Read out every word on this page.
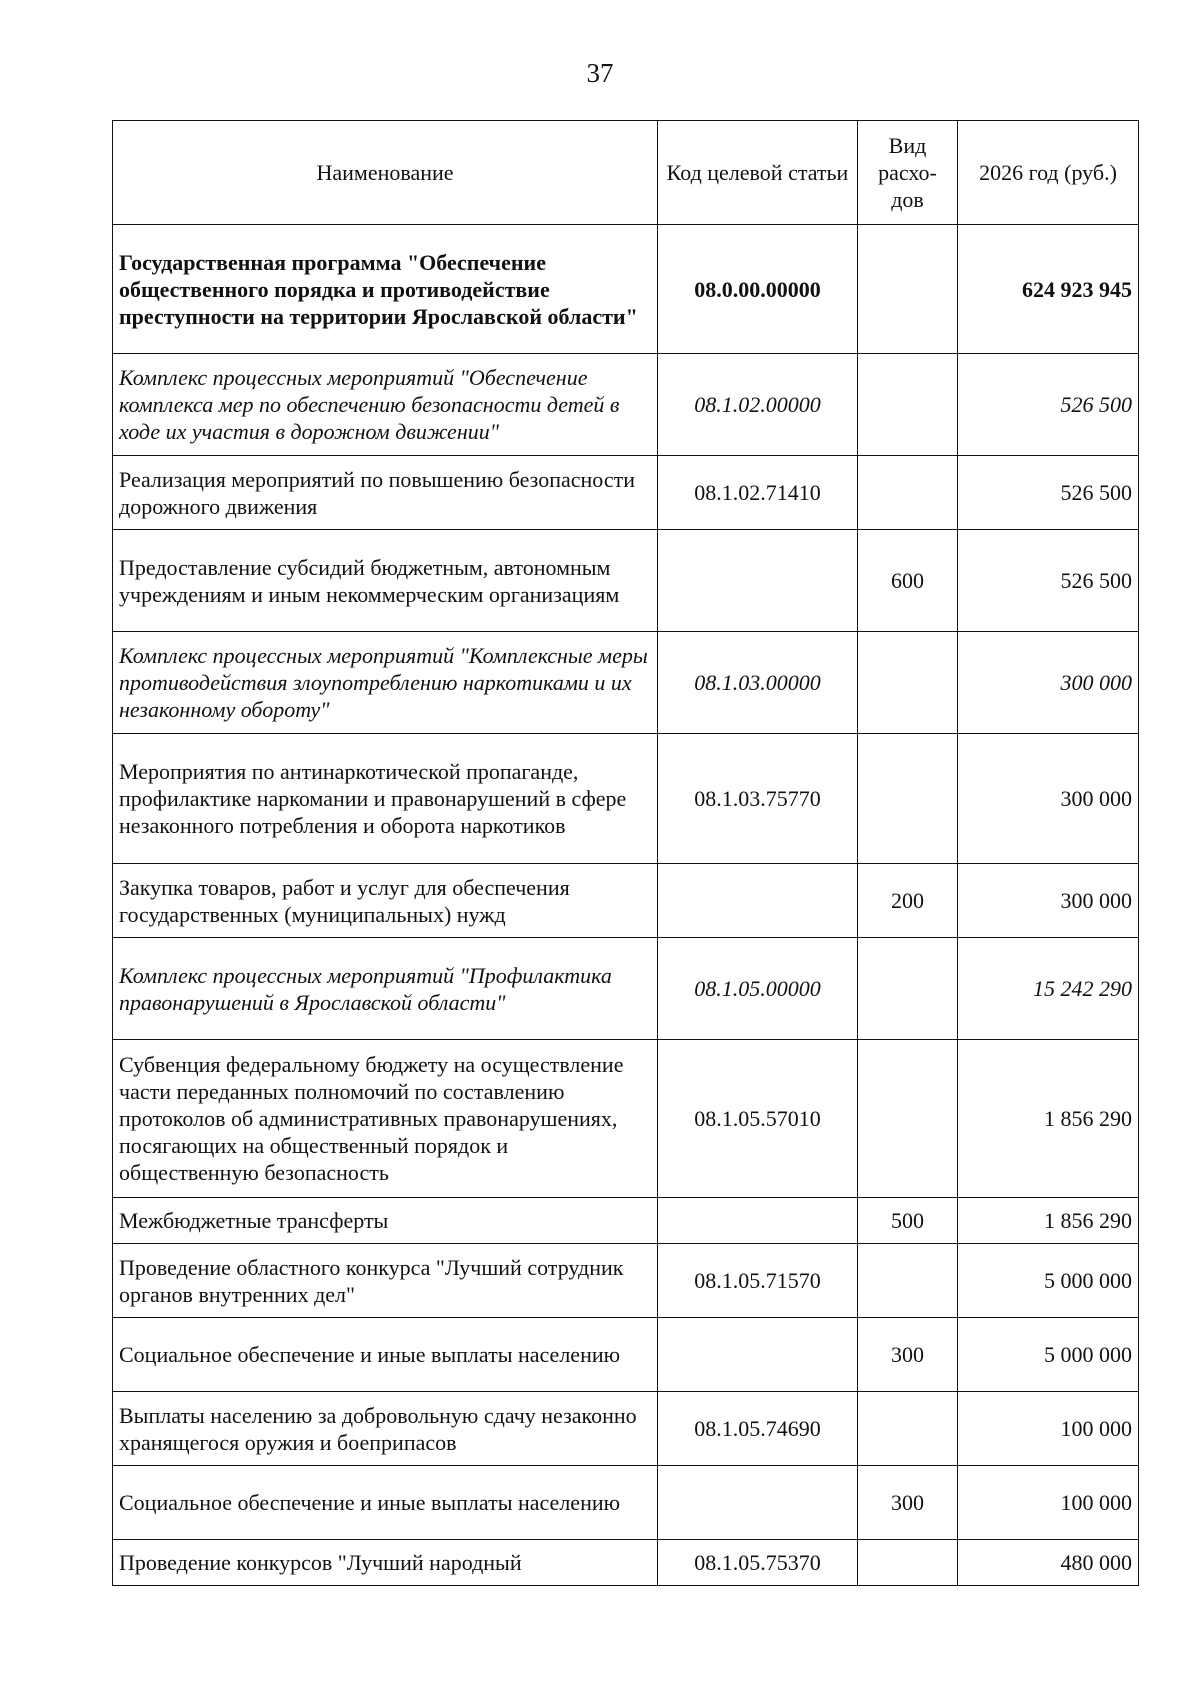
37
Наименование	Код целевой статьи	Вид расхо-дов	2026 год (руб.)
Государственная программа "Обеспечение общественного порядка и противодействие преступности на территории Ярославской области"	08.0.00.00000		624 923 945
Комплекс процессных мероприятий "Обеспечение комплекса мер по обеспечению безопасности детей в ходе их участия в дорожном движении"	08.1.02.00000		526 500
Реализация мероприятий по повышению безопасности дорожного движения	08.1.02.71410		526 500
Предоставление субсидий бюджетным, автономным учреждениям и иным некоммерческим организациям		600	526 500
Комплекс процессных мероприятий "Комплексные меры противодействия злоупотреблению наркотиками и их незаконному обороту"	08.1.03.00000		300 000
Мероприятия по антинаркотической пропаганде, профилактике наркомании и правонарушений в сфере незаконного потребления и оборота наркотиков	08.1.03.75770		300 000
Закупка товаров, работ и услуг для обеспечения государственных (муниципальных) нужд		200	300 000
Комплекс процессных мероприятий "Профилактика правонарушений в Ярославской области"	08.1.05.00000		15 242 290
Субвенция федеральному бюджету на осуществление части переданных полномочий по составлению протоколов об административных правонарушениях, посягающих на общественный порядок и общественную безопасность	08.1.05.57010		1 856 290
Межбюджетные трансферты		500	1 856 290
Проведение областного конкурса "Лучший сотрудник органов внутренних дел"	08.1.05.71570		5 000 000
Социальное обеспечение и иные выплаты населению		300	5 000 000
Выплаты населению за добровольную сдачу незаконно хранящегося оружия и боеприпасов	08.1.05.74690		100 000
Социальное обеспечение и иные выплаты населению		300	100 000
Проведение конкурсов "Лучший народный	08.1.05.75370		480 000
